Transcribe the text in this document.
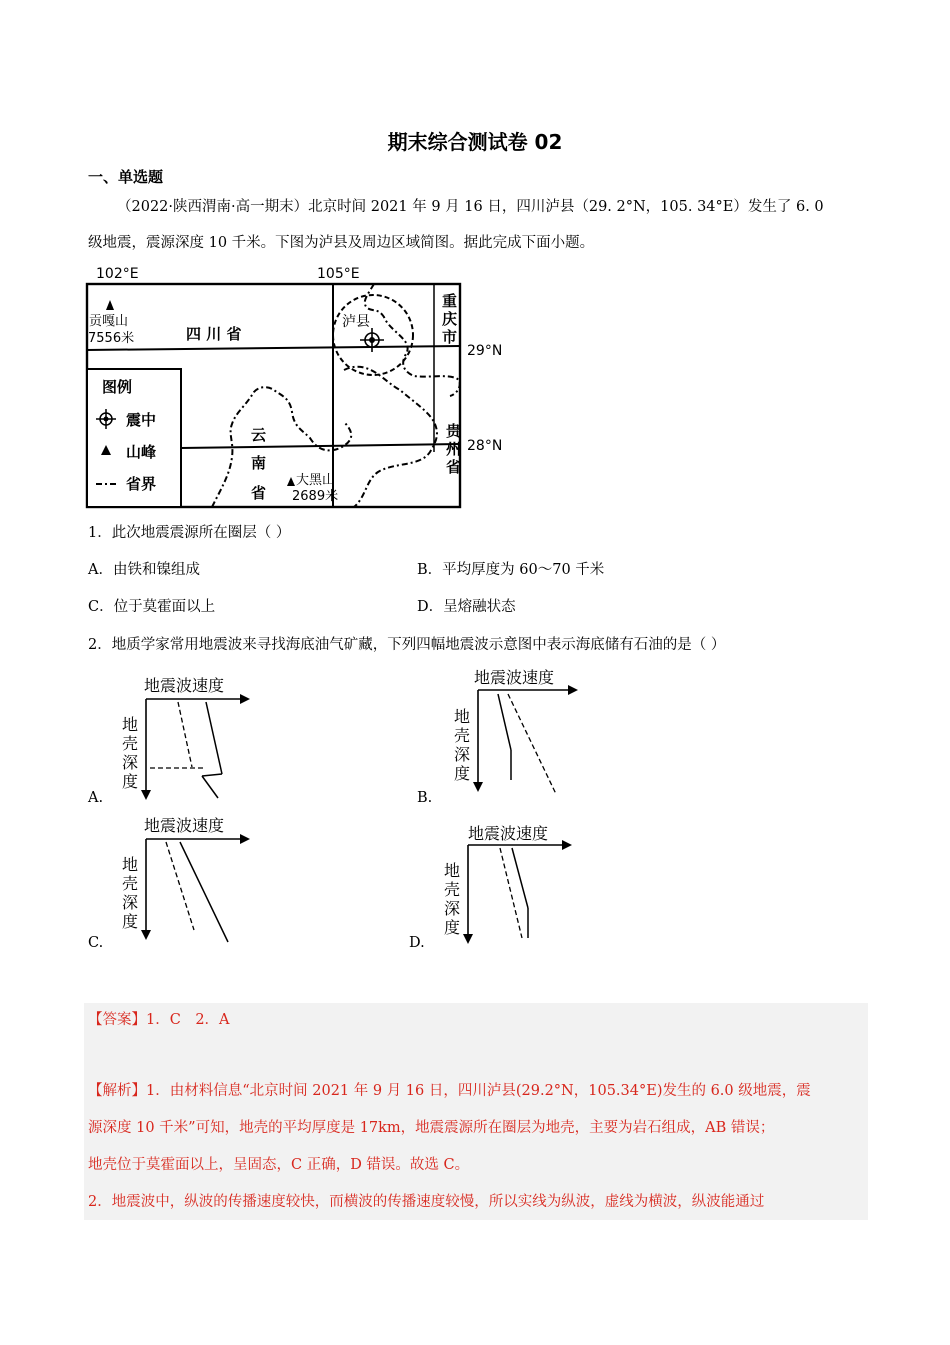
期末综合测试卷 02
一、单选题
（2022·陕西渭南·高一期末）北京时间 2021 年 9 月 16 日，四川泸县（29. 2°N，105. 34°E）发生了 6. 0
级地震，震源深度 10 千米。下图为泸县及周边区域简图。据此完成下面小题。
102°E	105°E
29°N
28°N
泸县
重
庆
市
四 川 省
贡嘎山
7556米
贵
州
省
云
南
省
大黑山
2689米
图例
震中
山峰
省界
1．此次地震震源所在圈层（ ）
A．由铁和镍组成	B．平均厚度为 60～70 千米
C．位于莫霍面以上	D．呈熔融状态
2．地质学家常用地震波来寻找海底油气矿藏，下列四幅地震波示意图中表示海底储有石油的是（ ）
地震波速度
地
壳
深
度
A.
地震波速度
地
壳
深
度
B.
地震波速度
地
壳
深
度
C.
地震波速度
地
壳
深
度
D.
【答案】1．C　2．A
【解析】1．由材料信息“北京时间 2021 年 9 月 16 日，四川泸县(29.2°N，105.34°E)发生的 6.0 级地震，震
源深度 10 千米”可知，地壳的平均厚度是 17km，地震震源所在圈层为地壳，主要为岩石组成，AB 错误；
地壳位于莫霍面以上，呈固态，C 正确，D 错误。故选 C。
2．地震波中，纵波的传播速度较快，而横波的传播速度较慢，所以实线为纵波，虚线为横波，纵波能通过
